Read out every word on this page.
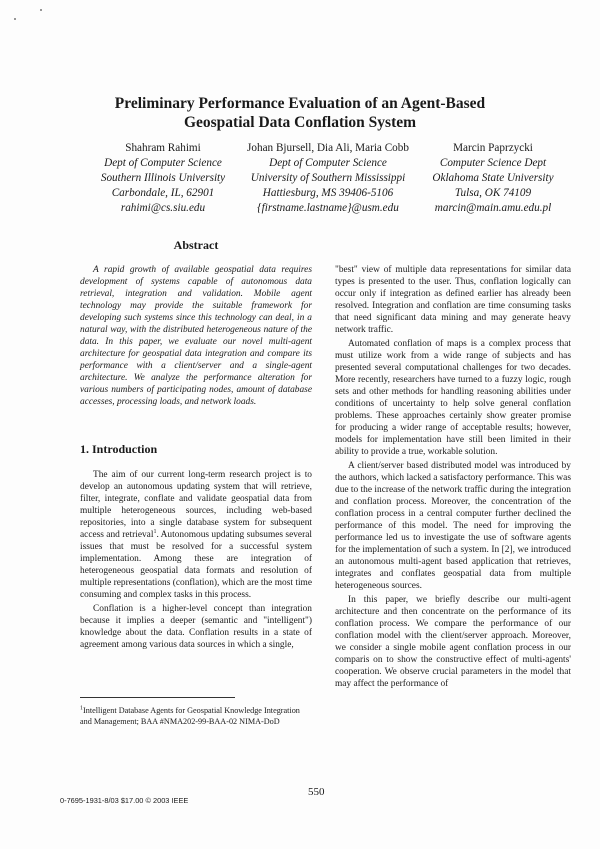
Preliminary Performance Evaluation of an Agent-Based
Geospatial Data Conflation System
Shahram Rahimi
Dept of Computer Science
Southern Illinois University
Carbondale, IL, 62901
rahimi@cs.siu.edu
Johan Bjursell, Dia Ali, Maria Cobb
Dept of Computer Science
University of Southern Mississippi
Hattiesburg, MS 39406-5106
{firstname.lastname}@usm.edu
Marcin Paprzycki
Computer Science Dept
Oklahoma State University
Tulsa, OK 74109
marcin@main.amu.edu.pl
Abstract

A rapid growth of available geospatial data requires development of systems capable of autonomous data retrieval, integration and validation. Mobile agent technology may provide the suitable framework for developing such systems since this technology can deal, in a natural way, with the distributed heterogeneous nature of the data. In this paper, we evaluate our novel multi-agent architecture for geospatial data integration and compare its performance with a client/server and a single-agent architecture. We analyze the performance alteration for various numbers of participating nodes, amount of database accesses, processing loads, and network loads.

1. Introduction

The aim of our current long-term research project is to develop an autonomous updating system that will retrieve, filter, integrate, conflate and validate geospatial data from multiple heterogeneous sources, including web-based repositories, into a single database system for subsequent access and retrieval$^1$. Autonomous updating subsumes several issues that must be resolved for a successful system implementation. Among these are integration of heterogeneous geospatial data formats and resolution of multiple representations (conflation), which are the most time consuming and complex tasks in this process.

Conflation is a higher-level concept than integration because it implies a deeper (semantic and "intelligent") knowledge about the data. Conflation results in a state of agreement among various data sources in which a single,

$^1$Intelligent Database Agents for Geospatial Knowledge Integration and Management; BAA #NMA202-99-BAA-02 NIMA-DoD

"best" view of multiple data representations for similar data types is presented to the user. Thus, conflation logically can occur only if integration as defined earlier has already been resolved. Integration and conflation are time consuming tasks that need significant data mining and may generate heavy network traffic.

Automated conflation of maps is a complex process that must utilize work from a wide range of subjects and has presented several computational challenges for two decades. More recently, researchers have turned to a fuzzy logic, rough sets and other methods for handling reasoning abilities under conditions of uncertainty to help solve general conflation problems. These approaches certainly show greater promise for producing a wider range of acceptable results; however, models for implementation have still been limited in their ability to provide a true, workable solution.

A client/server based distributed model was introduced by the authors, which lacked a satisfactory performance. This was due to the increase of the network traffic during the integration and conflation process. Moreover, the concentration of the conflation process in a central computer further declined the performance of this model. The need for improving the performance led us to investigate the use of software agents for the implementation of such a system. In [2], we introduced an autonomous multi-agent based application that retrieves, integrates and conflates geospatial data from multiple heterogeneous sources.

In this paper, we briefly describe our multi-agent architecture and then concentrate on the performance of its conflation process. We compare the performance of our conflation model with the client/server approach. Moreover, we consider a single mobile agent conflation process in our comparis on to show the constructive effect of multi-agents' cooperation. We observe crucial parameters in the model that may affect the performance of

550
0-7695-1931-8/03 $17.00 © 2003 IEEE
